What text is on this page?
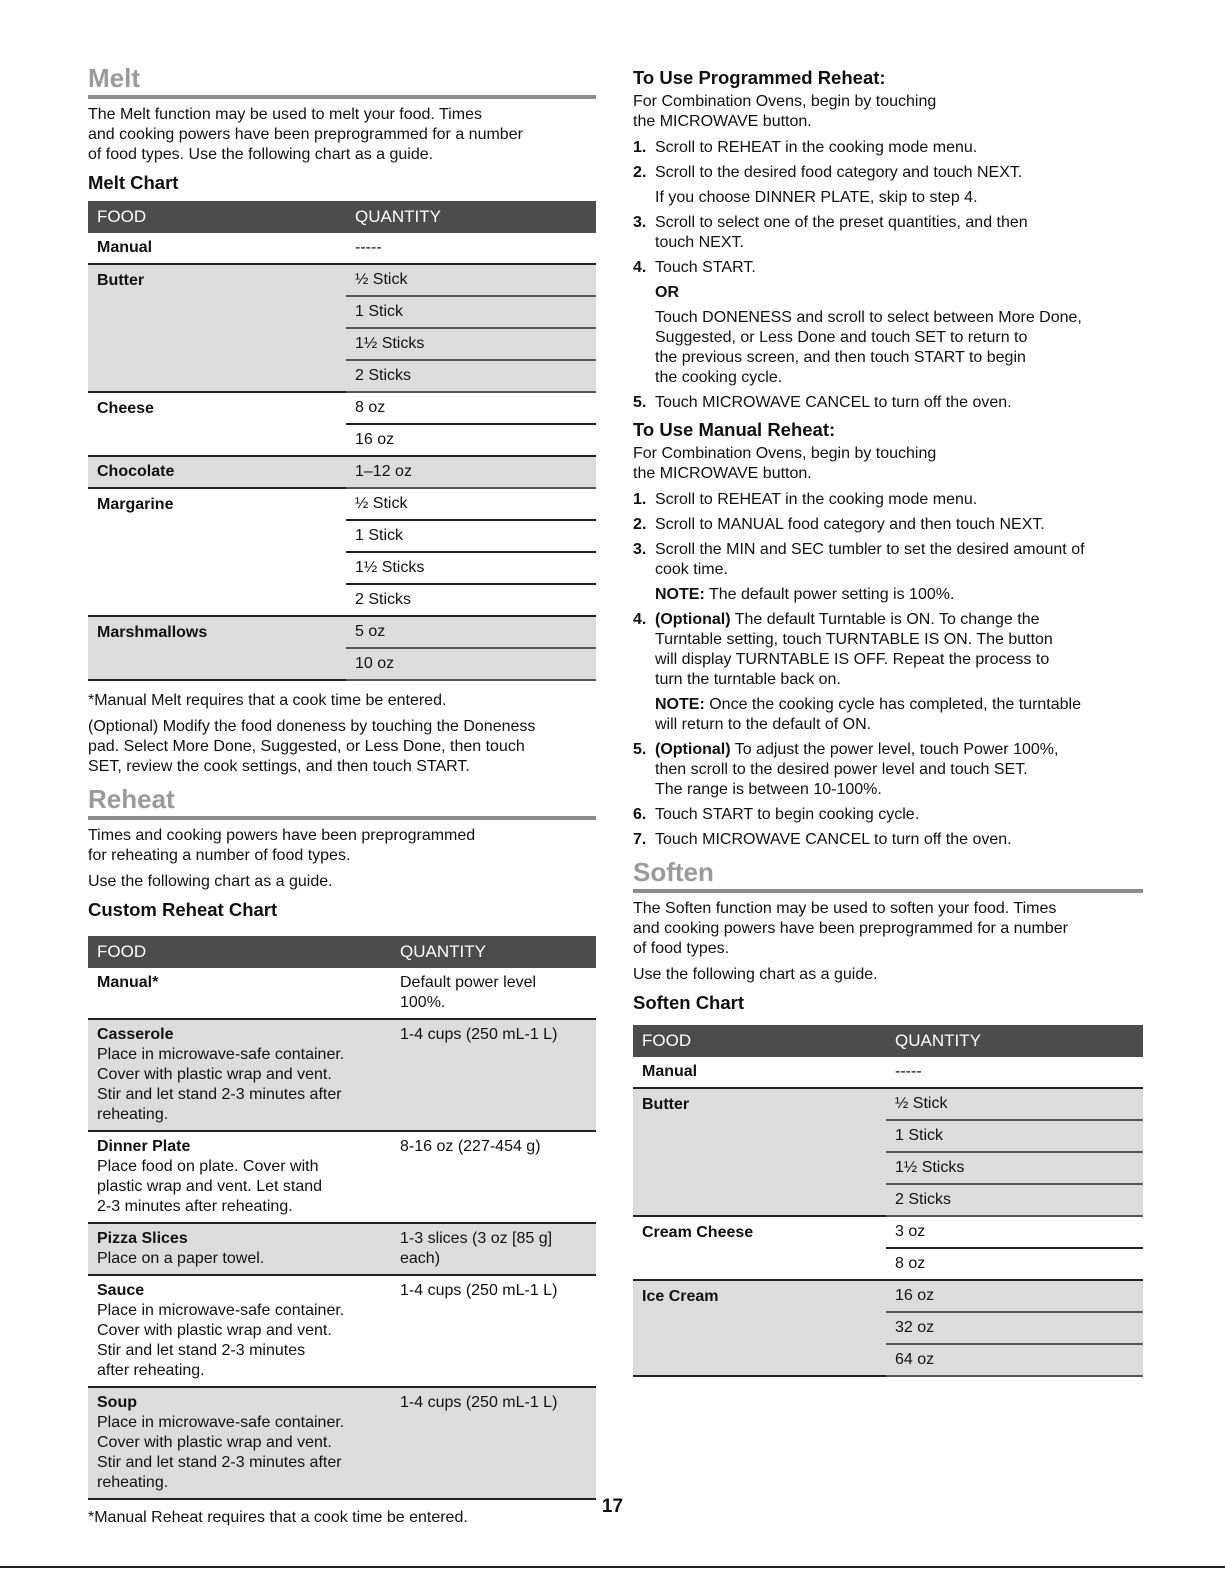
Melt

The Melt function may be used to melt your food. Times
and cooking powers have been preprogrammed for a number
of food types. Use the following chart as a guide.

Melt Chart
FOOD	QUANTITY
Manual	-----
Butter	½ Stick
	1 Stick
	1½ Sticks
	2 Sticks
Cheese	8 oz
	16 oz
Chocolate	1–12 oz
Margarine	½ Stick
	1 Stick
	1½ Sticks
	2 Sticks
Marshmallows	5 oz
	10 oz

*Manual Melt requires that a cook time be entered.

(Optional) Modify the food doneness by touching the Doneness
pad. Select More Done, Suggested, or Less Done, then touch
SET, review the cook settings, and then touch START.

Reheat

Times and cooking powers have been preprogrammed
for reheating a number of food types.

Use the following chart as a guide.

Custom Reheat Chart
FOOD	QUANTITY

Manual*	Default power level
100%.

Casserole
Place in microwave-safe container.
Cover with plastic wrap and vent.
Stir and let stand 2-3 minutes after
reheating.	1-4 cups (250 mL-1 L)

Dinner Plate
Place food on plate. Cover with
plastic wrap and vent. Let stand
2-3 minutes after reheating.	8-16 oz (227-454 g)

Pizza Slices
Place on a paper towel.	1-3 slices (3 oz [85 g]
each)

Sauce
Place in microwave-safe container.
Cover with plastic wrap and vent.
Stir and let stand 2-3 minutes
after reheating.	1-4 cups (250 mL-1 L)

Soup
Place in microwave-safe container.
Cover with plastic wrap and vent.
Stir and let stand 2-3 minutes after
reheating.	1-4 cups (250 mL-1 L)

*Manual Reheat requires that a cook time be entered.

To Use Programmed Reheat:

For Combination Ovens, begin by touching
the MICROWAVE button.

1. Scroll to REHEAT in the cooking mode menu.
2. Scroll to the desired food category and touch NEXT.
If you choose DINNER PLATE, skip to step 4.
3. Scroll to select one of the preset quantities, and then
touch NEXT.
4. Touch START.
OR
Touch DONENESS and scroll to select between More Done,
Suggested, or Less Done and touch SET to return to
the previous screen, and then touch START to begin
the cooking cycle.
5. Touch MICROWAVE CANCEL to turn off the oven.
To Use Manual Reheat:

For Combination Ovens, begin by touching
the MICROWAVE button.

1. Scroll to REHEAT in the cooking mode menu.
2. Scroll to MANUAL food category and then touch NEXT.
3. Scroll the MIN and SEC tumbler to set the desired amount of
cook time.
NOTE: The default power setting is 100%.
4. (Optional) The default Turntable is ON. To change the
Turntable setting, touch TURNTABLE IS ON. The button
will display TURNTABLE IS OFF. Repeat the process to
turn the turntable back on.
NOTE: Once the cooking cycle has completed, the turntable
will return to the default of ON.
5. (Optional) To adjust the power level, touch Power 100%,
then scroll to the desired power level and touch SET.
The range is between 10-100%.
6. Touch START to begin cooking cycle.
7. Touch MICROWAVE CANCEL to turn off the oven.
Soften

The Soften function may be used to soften your food. Times
and cooking powers have been preprogrammed for a number
of food types.

Use the following chart as a guide.

Soften Chart
FOOD	QUANTITY
Manual	-----
Butter	½ Stick
	1 Stick
	1½ Sticks
	2 Sticks
Cream Cheese	3 oz
	8 oz
Ice Cream	16 oz
	32 oz
	64 oz
17
